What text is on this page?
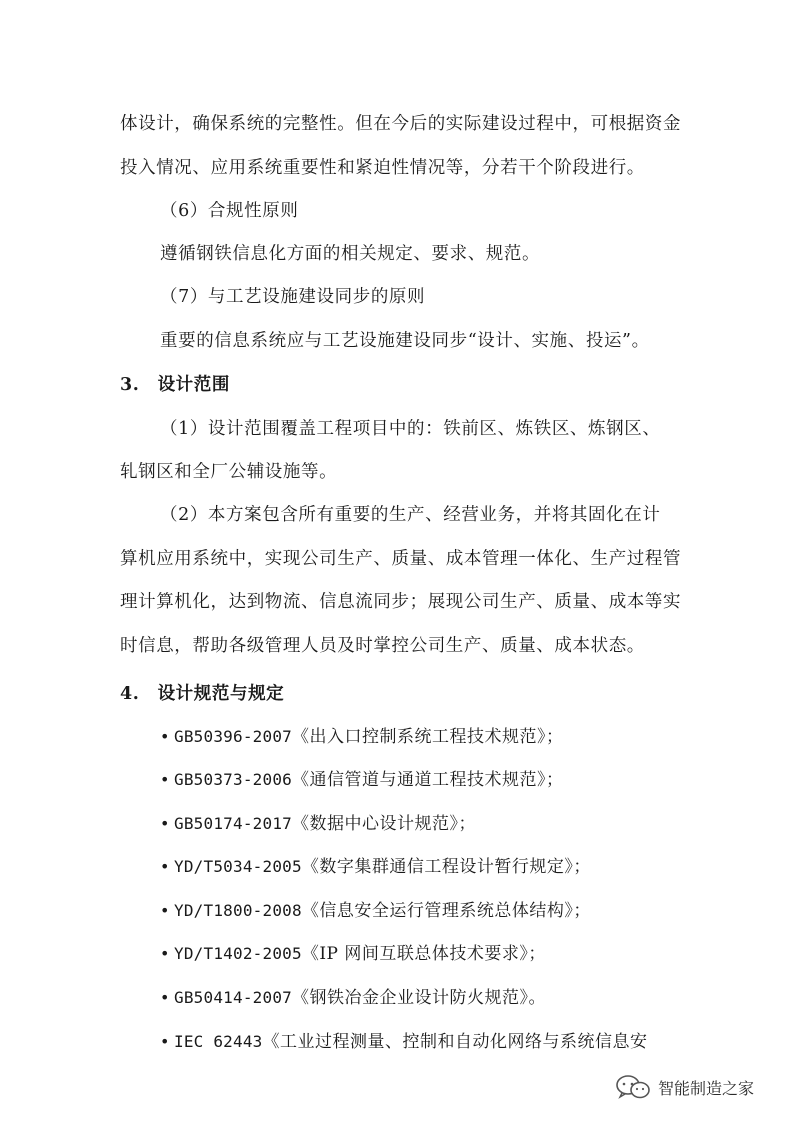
体设计，确保系统的完整性。但在今后的实际建设过程中，可根据资金
投入情况、应用系统重要性和紧迫性情况等，分若干个阶段进行。
（6）合规性原则
遵循钢铁信息化方面的相关规定、要求、规范。
（7）与工艺设施建设同步的原则
重要的信息系统应与工艺设施建设同步“设计、实施、投运”。
3.　设计范围
（1）设计范围覆盖工程项目中的：铁前区、炼铁区、炼钢区、
轧钢区和全厂公辅设施等。
（2）本方案包含所有重要的生产、经营业务，并将其固化在计
算机应用系统中，实现公司生产、质量、成本管理一体化、生产过程管
理计算机化，达到物流、信息流同步；展现公司生产、质量、成本等实
时信息，帮助各级管理人员及时掌控公司生产、质量、成本状态。
4.　设计规范与规定
• GB50396-2007《出入口控制系统工程技术规范》；
• GB50373-2006《通信管道与通道工程技术规范》；
• GB50174-2017《数据中心设计规范》；
• YD/T5034-2005《数字集群通信工程设计暂行规定》；
• YD/T1800-2008《信息安全运行管理系统总体结构》；
• YD/T1402-2005《IP 网间互联总体技术要求》；
• GB50414-2007《钢铁冶金企业设计防火规范》。
• IEC 62443《工业过程测量、控制和自动化网络与系统信息安
智能制造之家
